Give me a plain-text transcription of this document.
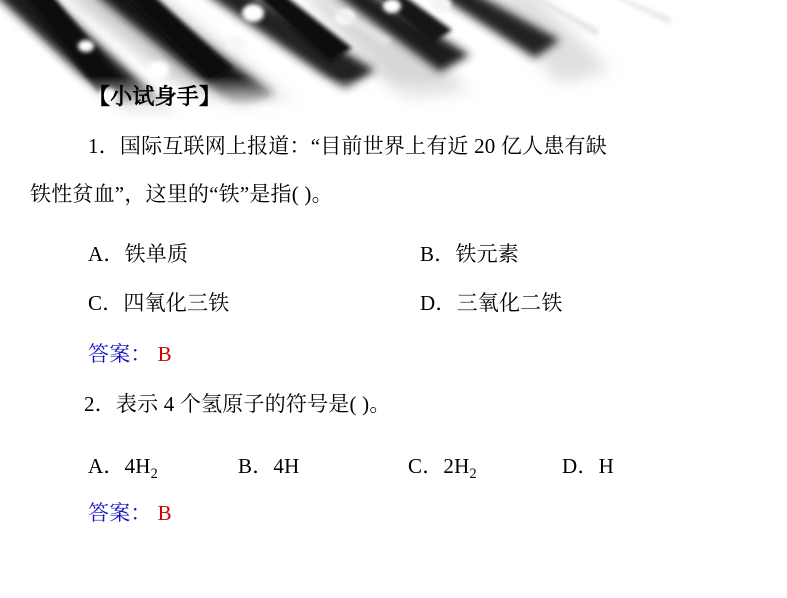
【小试身手】
1．国际互联网上报道：“目前世界上有近 20 亿人患有缺
铁性贫血”，这里的“铁”是指( )。
A．铁单质	B．铁元素
C．四氧化三铁	D．三氧化二铁
答案： B
2．表示 4 个氢原子的符号是( )。
A．$4H_2$	B．4H	C．$2H_2$	D．H
答案： B
